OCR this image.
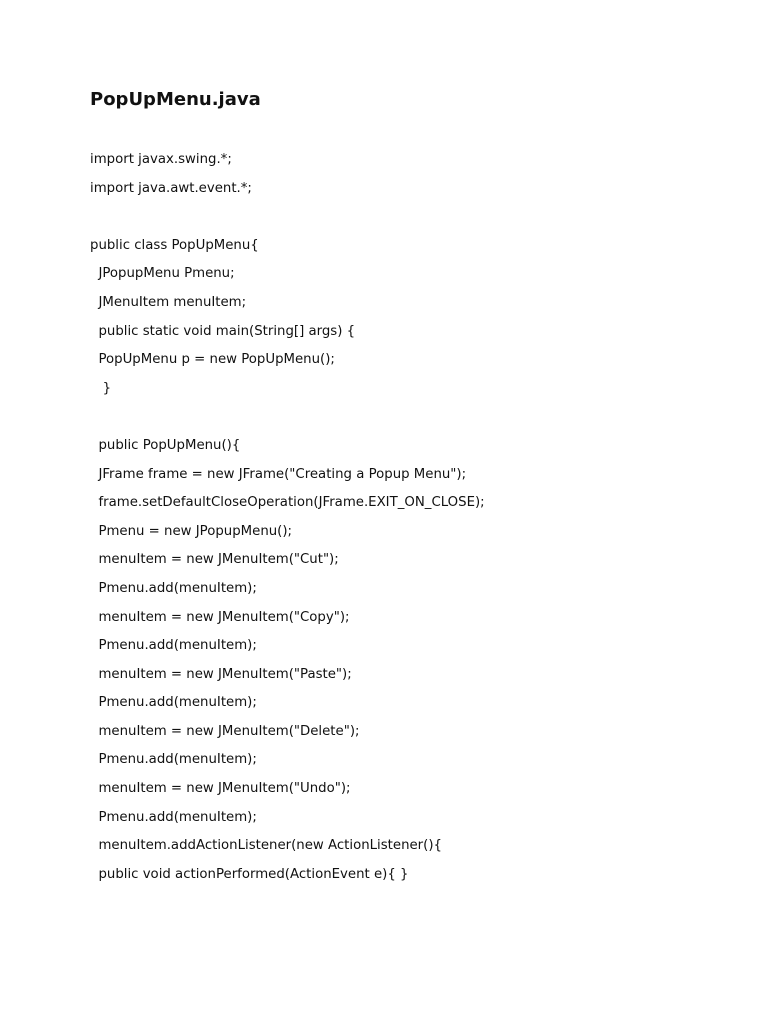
PopUpMenu.java
import javax.swing.*;
import java.awt.event.*;
public class PopUpMenu{
JPopupMenu Pmenu;
JMenuItem menuItem;
public static void main(String[] args) {
PopUpMenu p = new PopUpMenu();
}
public PopUpMenu(){
JFrame frame = new JFrame("Creating a Popup Menu");
frame.setDefaultCloseOperation(JFrame.EXIT_ON_CLOSE);
Pmenu = new JPopupMenu();
menuItem = new JMenuItem("Cut");
Pmenu.add(menuItem);
menuItem = new JMenuItem("Copy");
Pmenu.add(menuItem);
menuItem = new JMenuItem("Paste");
Pmenu.add(menuItem);
menuItem = new JMenuItem("Delete");
Pmenu.add(menuItem);
menuItem = new JMenuItem("Undo");
Pmenu.add(menuItem);
menuItem.addActionListener(new ActionListener(){
public void actionPerformed(ActionEvent e){ }
